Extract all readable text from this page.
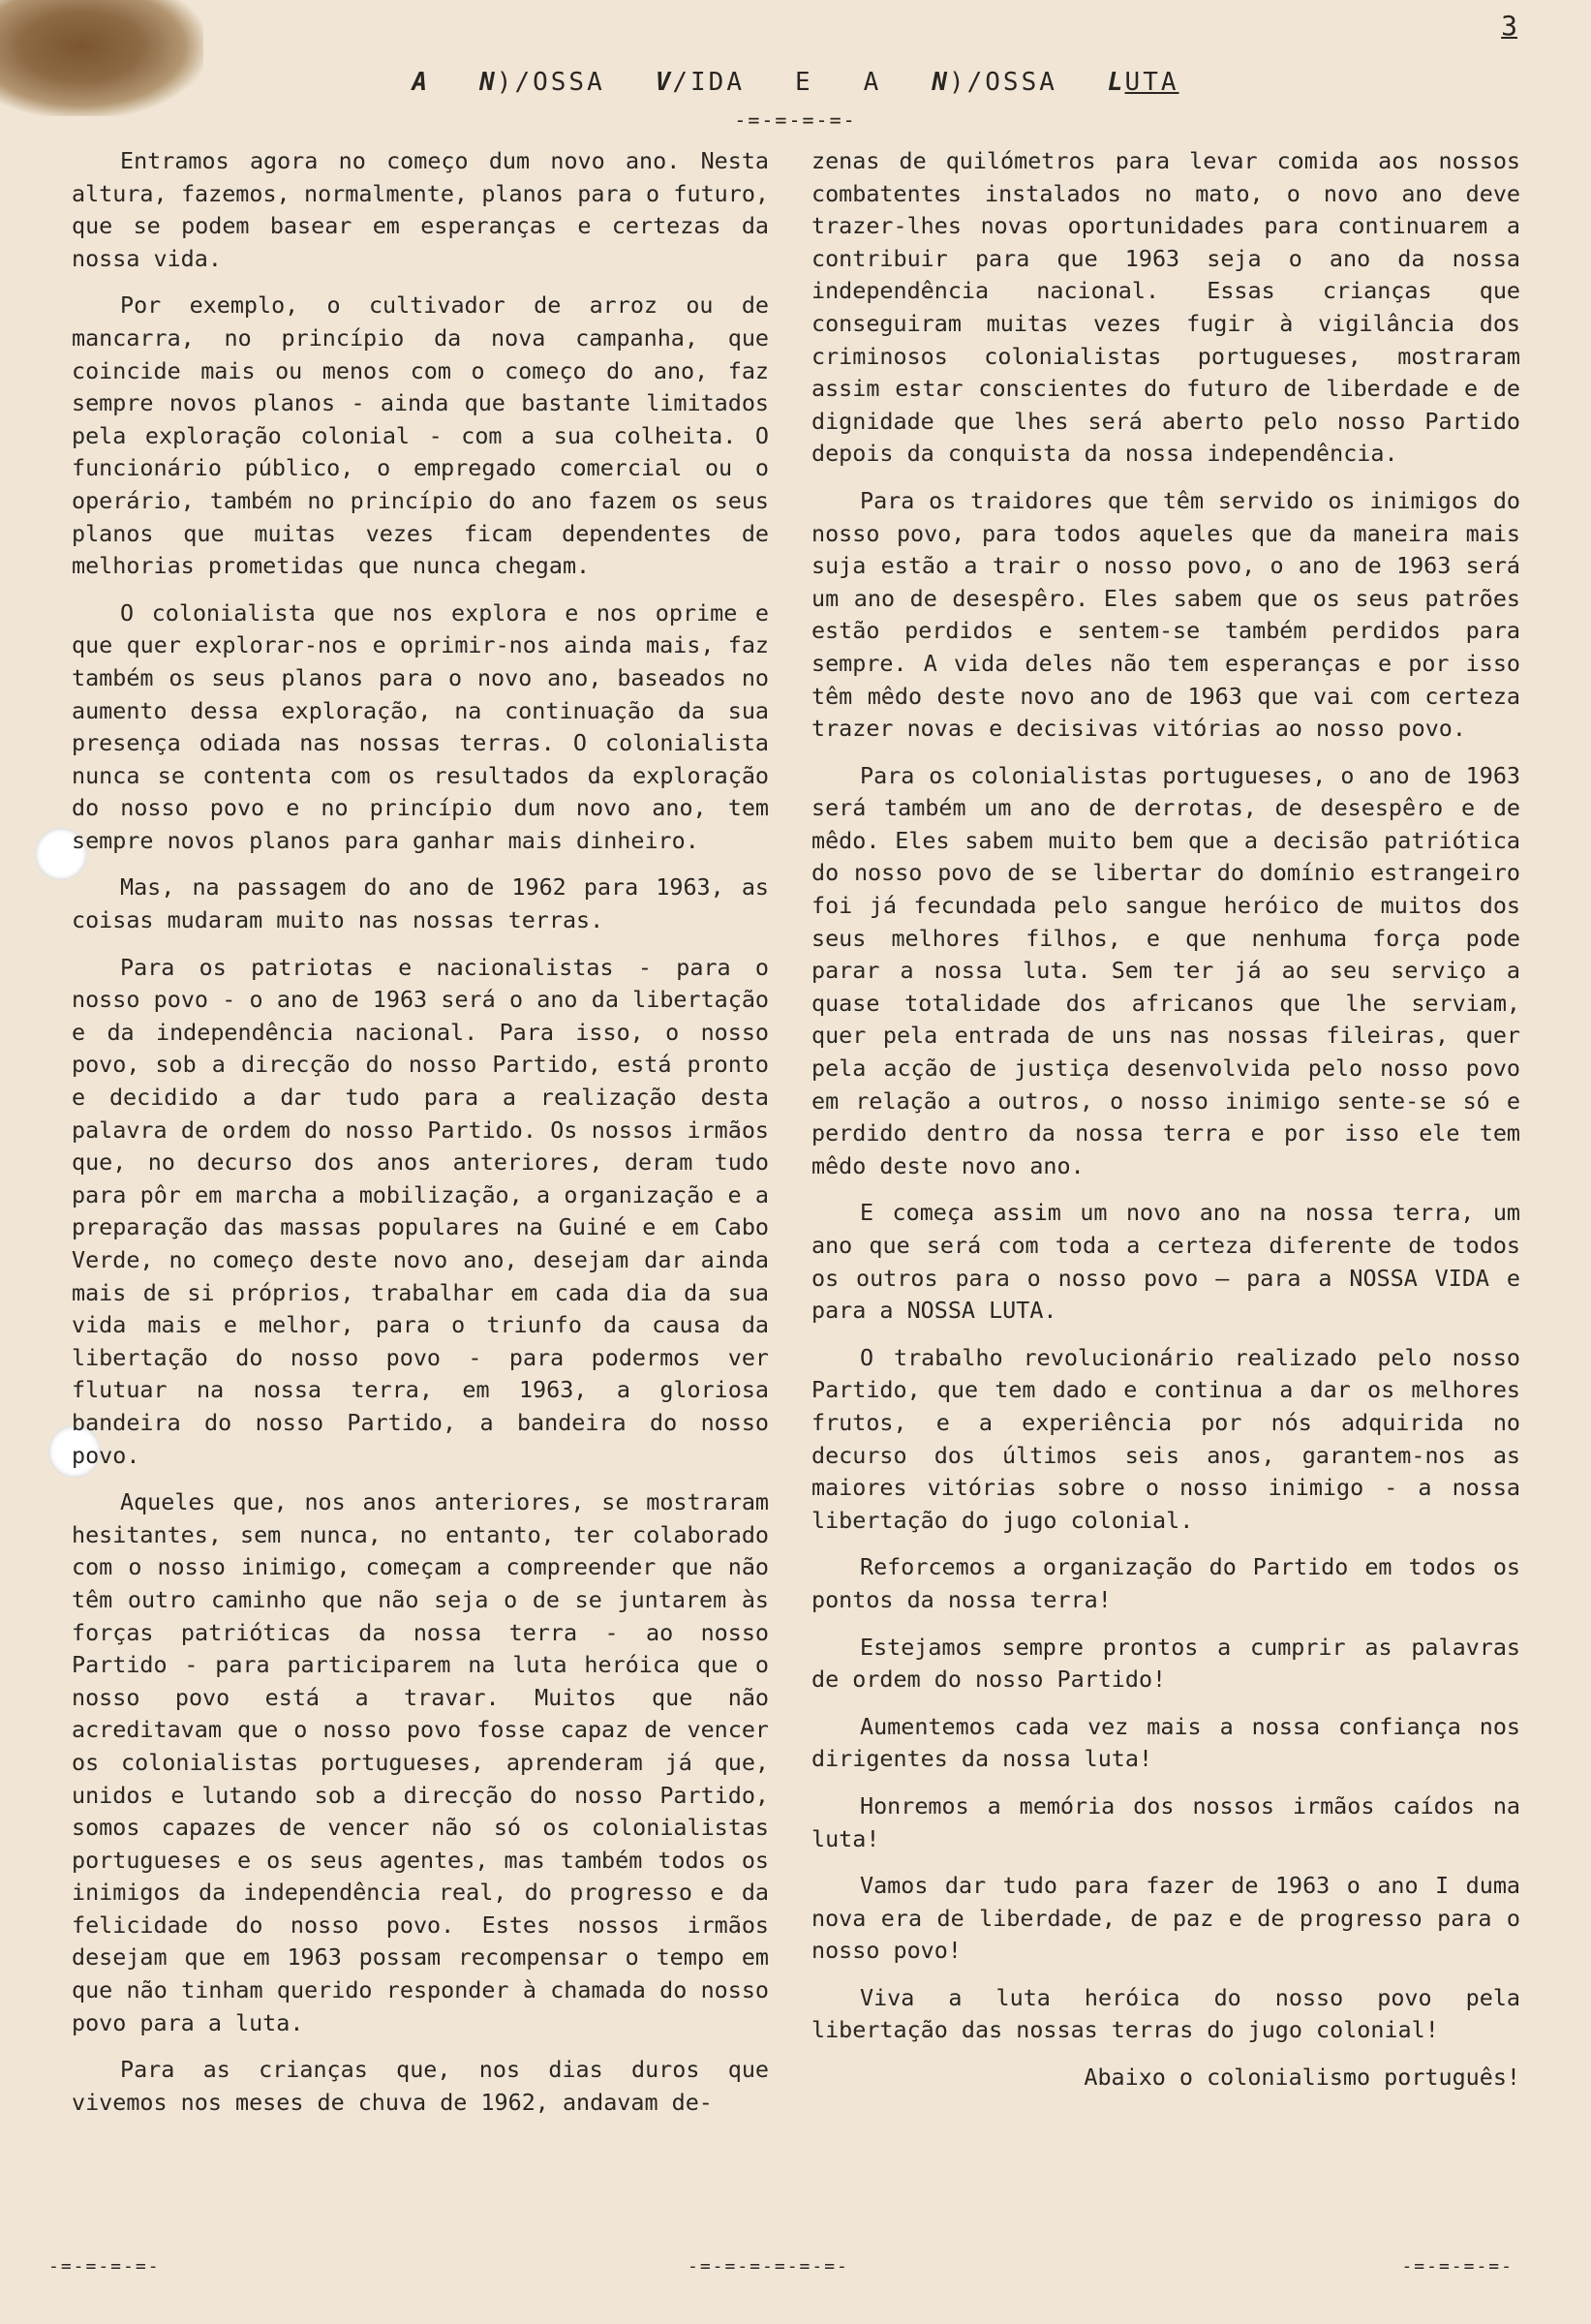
3
A N)/OSSA V/IDA E A N)/OSSA LUTA
-=-=-=-=-

Entramos agora no começo dum novo ano. Nesta altura, fazemos, normalmente, planos para o futuro, que se podem basear em esperanças e certezas da nossa vida.

Por exemplo, o cultivador de arroz ou de mancarra, no princípio da nova campanha, que coincide mais ou menos com o começo do ano, faz sempre novos planos - ainda que bastante limitados pela exploração colonial - com a sua colheita. O funcionário público, o empregado comercial ou o operário, também no princípio do ano fazem os seus planos que muitas vezes ficam dependentes de melhorias prometidas que nunca chegam.

O colonialista que nos explora e nos oprime e que quer explorar-nos e oprimir-nos ainda mais, faz também os seus planos para o novo ano, baseados no aumento dessa exploração, na continuação da sua presença odiada nas nossas terras. O colonialista nunca se contenta com os resultados da exploração do nosso povo e no princípio dum novo ano, tem sempre novos planos para ganhar mais dinheiro.

Mas, na passagem do ano de 1962 para 1963, as coisas mudaram muito nas nossas terras.

Para os patriotas e nacionalistas - para o nosso povo - o ano de 1963 será o ano da libertação e da independência nacional. Para isso, o nosso povo, sob a direcção do nosso Partido, está pronto e decidido a dar tudo para a realização desta palavra de ordem do nosso Partido. Os nossos irmãos que, no decurso dos anos anteriores, deram tudo para pôr em marcha a mobilização, a organização e a preparação das massas populares na Guiné e em Cabo Verde, no começo deste novo ano, desejam dar ainda mais de si próprios, trabalhar em cada dia da sua vida mais e melhor, para o triunfo da causa da libertação do nosso povo - para podermos ver flutuar na nossa terra, em 1963, a gloriosa bandeira do nosso Partido, a bandeira do nosso povo.

Aqueles que, nos anos anteriores, se mostraram hesitantes, sem nunca, no entanto, ter colaborado com o nosso inimigo, começam a compreender que não têm outro caminho que não seja o de se juntarem às forças patrióticas da nossa terra - ao nosso Partido - para participarem na luta heróica que o nosso povo está a travar. Muitos que não acreditavam que o nosso povo fosse capaz de vencer os colonialistas portugueses, aprenderam já que, unidos e lutando sob a direcção do nosso Partido, somos capazes de vencer não só os colonialistas portugueses e os seus agentes, mas também todos os inimigos da independência real, do progresso e da felicidade do nosso povo. Estes nossos irmãos desejam que em 1963 possam recompensar o tempo em que não tinham querido responder à chamada do nosso povo para a luta.

Para as crianças que, nos dias duros que vivemos nos meses de chuva de 1962, andavam de-

zenas de quilómetros para levar comida aos nossos combatentes instalados no mato, o novo ano deve trazer-lhes novas oportunidades para continuarem a contribuir para que 1963 seja o ano da nossa independência nacional. Essas crianças que conseguiram muitas vezes fugir à vigilância dos criminosos colonialistas portugueses, mostraram assim estar conscientes do futuro de liberdade e de dignidade que lhes será aberto pelo nosso Partido depois da conquista da nossa independência.

Para os traidores que têm servido os inimigos do nosso povo, para todos aqueles que da maneira mais suja estão a trair o nosso povo, o ano de 1963 será um ano de desespêro. Eles sabem que os seus patrões estão perdidos e sentem-se também perdidos para sempre. A vida deles não tem esperanças e por isso têm mêdo deste novo ano de 1963 que vai com certeza trazer novas e decisivas vitórias ao nosso povo.

Para os colonialistas portugueses, o ano de 1963 será também um ano de derrotas, de desespêro e de mêdo. Eles sabem muito bem que a decisão patriótica do nosso povo de se libertar do domínio estrangeiro foi já fecundada pelo sangue heróico de muitos dos seus melhores filhos, e que nenhuma força pode parar a nossa luta. Sem ter já ao seu serviço a quase totalidade dos africanos que lhe serviam, quer pela entrada de uns nas nossas fileiras, quer pela acção de justiça desenvolvida pelo nosso povo em relação a outros, o nosso inimigo sente-se só e perdido dentro da nossa terra e por isso ele tem mêdo deste novo ano.

E começa assim um novo ano na nossa terra, um ano que será com toda a certeza diferente de todos os outros para o nosso povo — para a NOSSA VIDA e para a NOSSA LUTA.

O trabalho revolucionário realizado pelo nosso Partido, que tem dado e continua a dar os melhores frutos, e a experiência por nós adquirida no decurso dos últimos seis anos, garantem-nos as maiores vitórias sobre o nosso inimigo - a nossa libertação do jugo colonial.

Reforcemos a organização do Partido em todos os pontos da nossa terra!

Estejamos sempre prontos a cumprir as palavras de ordem do nosso Partido!

Aumentemos cada vez mais a nossa confiança nos dirigentes da nossa luta!

Honremos a memória dos nossos irmãos caídos na luta!

Vamos dar tudo para fazer de 1963 o ano I duma nova era de liberdade, de paz e de progresso para o nosso povo!

Viva a luta heróica do nosso povo pela libertação das nossas terras do jugo colonial!

Abaixo o colonialismo português!

-=-=-=-=-	-=-=-=-=-=-=-	-=-=-=-=-
